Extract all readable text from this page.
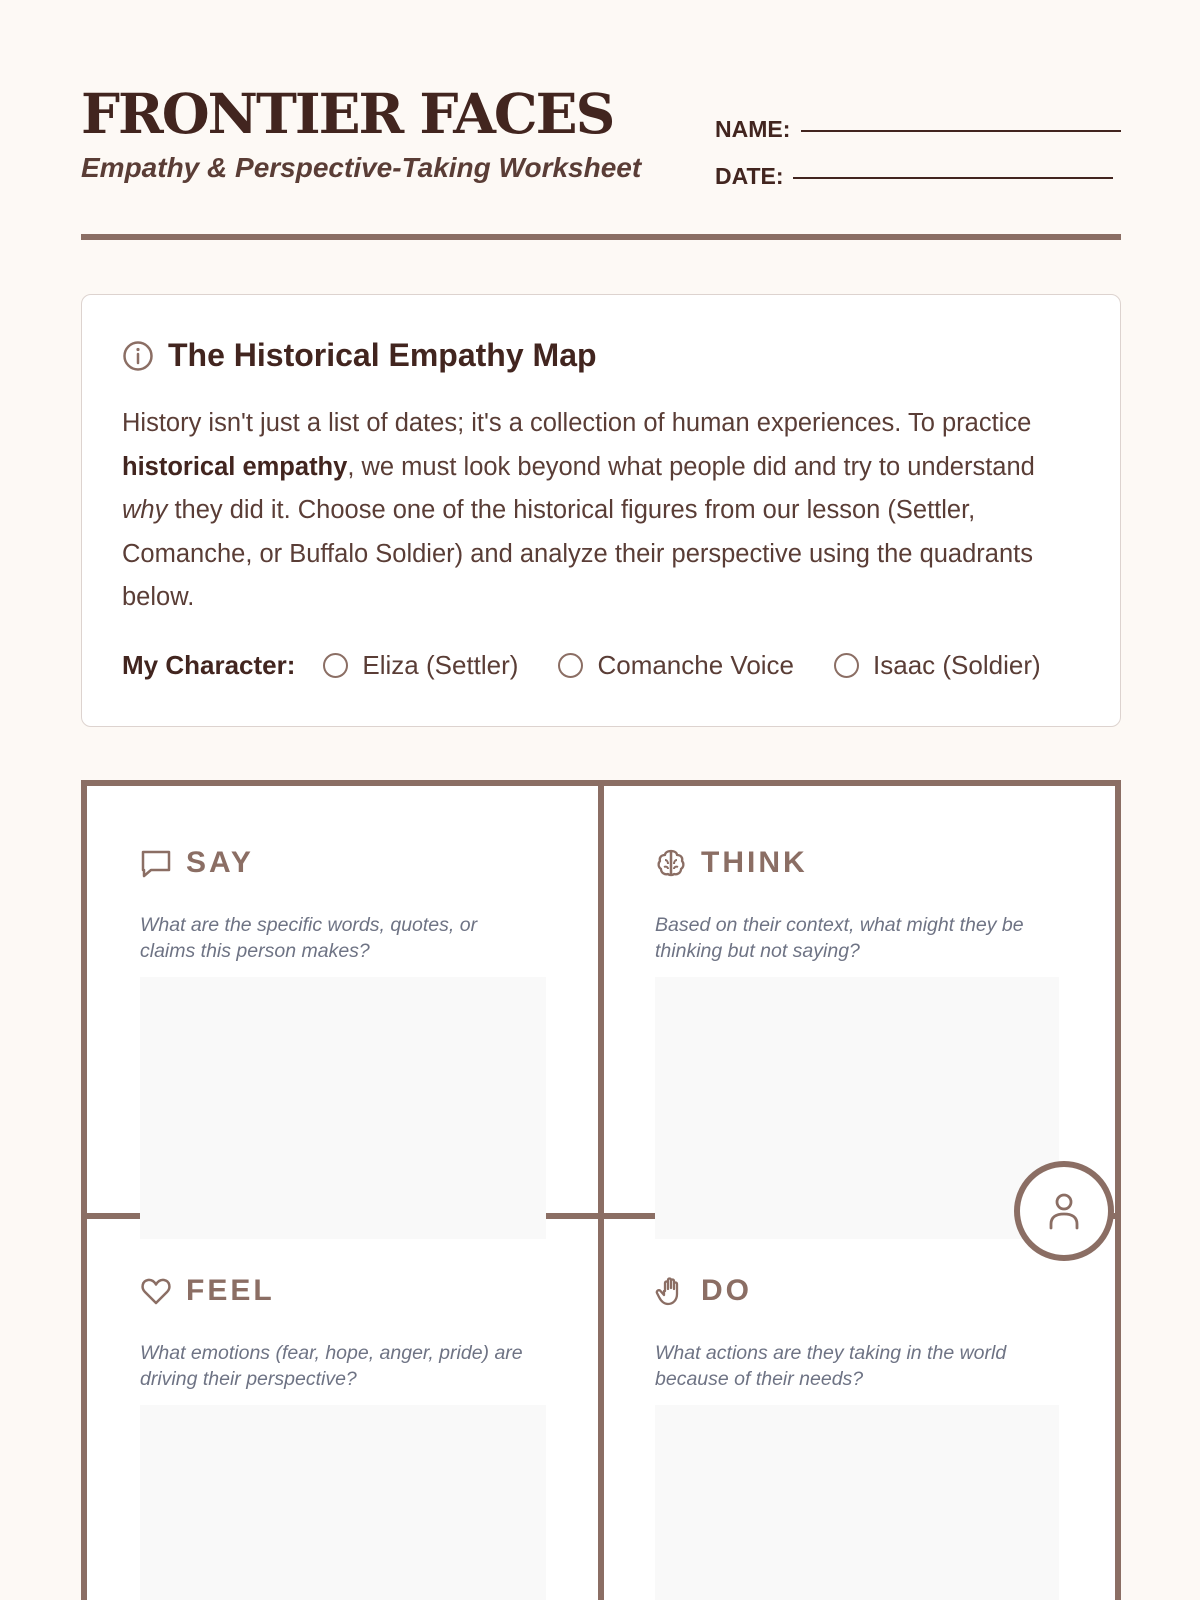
FRONTIER FACES
Empathy & Perspective-Taking Worksheet
NAME:
DATE:
The Historical Empathy Map
History isn't just a list of dates; it's a collection of human experiences. To practice historical empathy, we must look beyond what people did and try to understand why they did it. Choose one of the historical figures from our lesson (Settler, Comanche, or Buffalo Soldier) and analyze their perspective using the quadrants below.
My Character:	Eliza (Settler)	Comanche Voice	Isaac (Soldier)
SAY
What are the specific words, quotes, or claims this person makes?
THINK
Based on their context, what might they be thinking but not saying?
FEEL
What emotions (fear, hope, anger, pride) are driving their perspective?
DO
What actions are they taking in the world because of their needs?
